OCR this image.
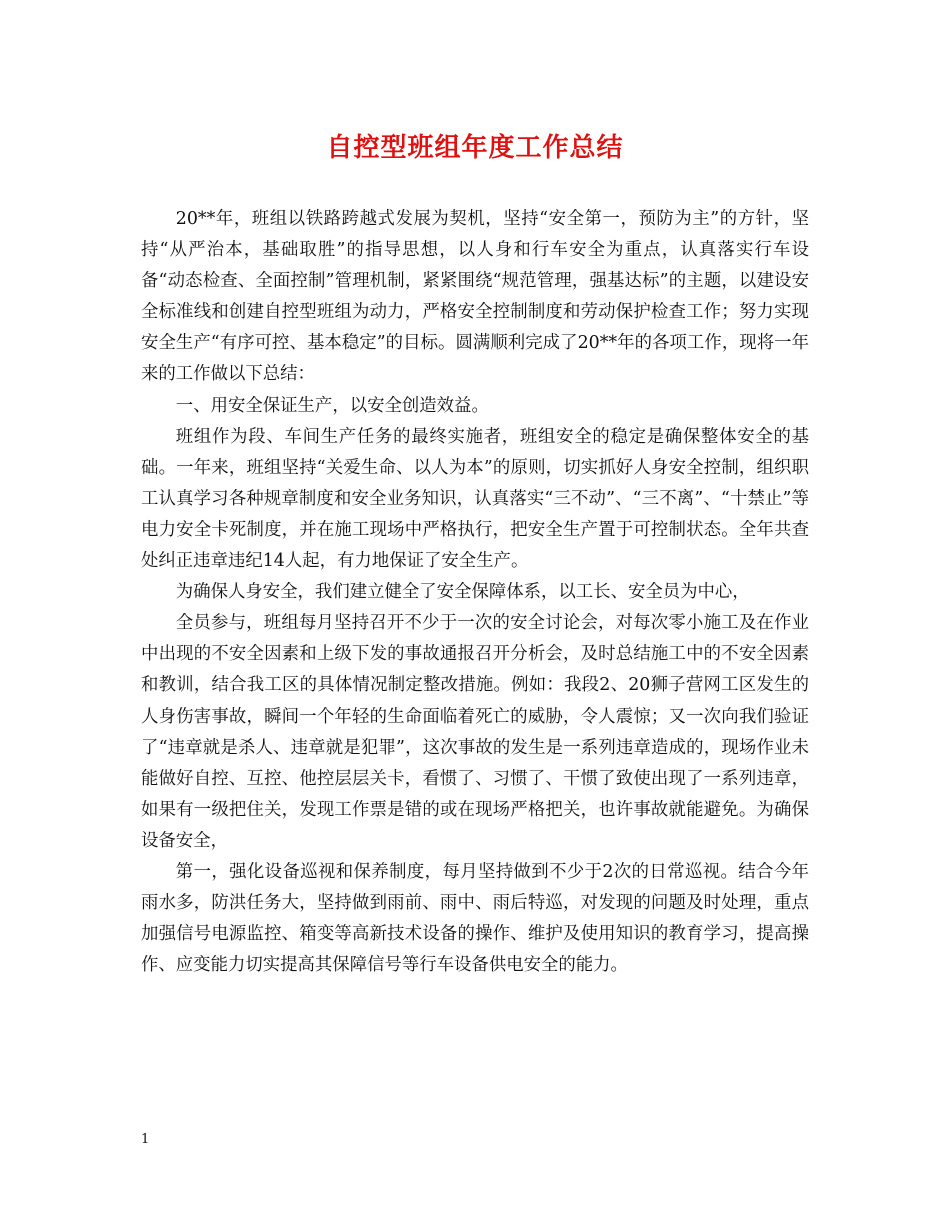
自控型班组年度工作总结

20**年，班组以铁路跨越式发展为契机，坚持“安全第一，预防为主”的方针，坚持“从严治本，基础取胜”的指导思想，以人身和行车安全为重点，认真落实行车设备“动态检查、全面控制”管理机制，紧紧围绕“规范管理，强基达标”的主题，以建设安全标准线和创建自控型班组为动力，严格安全控制制度和劳动保护检查工作；努力实现安全生产“有序可控、基本稳定”的目标。圆满顺利完成了20**年的各项工作，现将一年来的工作做以下总结：

一、用安全保证生产，以安全创造效益。

班组作为段、车间生产任务的最终实施者，班组安全的稳定是确保整体安全的基础。一年来，班组坚持“关爱生命、以人为本”的原则，切实抓好人身安全控制，组织职工认真学习各种规章制度和安全业务知识，认真落实“三不动”、“三不离”、“十禁止”等电力安全卡死制度，并在施工现场中严格执行，把安全生产置于可控制状态。全年共查处纠正违章违纪14人起，有力地保证了安全生产。

为确保人身安全，我们建立健全了安全保障体系，以工长、安全员为中心，

全员参与，班组每月坚持召开不少于一次的安全讨论会，对每次零小施工及在作业中出现的不安全因素和上级下发的事故通报召开分析会，及时总结施工中的不安全因素和教训，结合我工区的具体情况制定整改措施。例如：我段2、20狮子营网工区发生的人身伤害事故，瞬间一个年轻的生命面临着死亡的威胁，令人震惊；又一次向我们验证了“违章就是杀人、违章就是犯罪”，这次事故的发生是一系列违章造成的，现场作业未能做好自控、互控、他控层层关卡，看惯了、习惯了、干惯了致使出现了一系列违章，如果有一级把住关，发现工作票是错的或在现场严格把关，也许事故就能避免。为确保设备安全，

第一，强化设备巡视和保养制度，每月坚持做到不少于2次的日常巡视。结合今年雨水多，防洪任务大，坚持做到雨前、雨中、雨后特巡，对发现的问题及时处理，重点加强信号电源监控、箱变等高新技术设备的操作、维护及使用知识的教育学习，提高操作、应变能力切实提高其保障信号等行车设备供电安全的能力。

1
